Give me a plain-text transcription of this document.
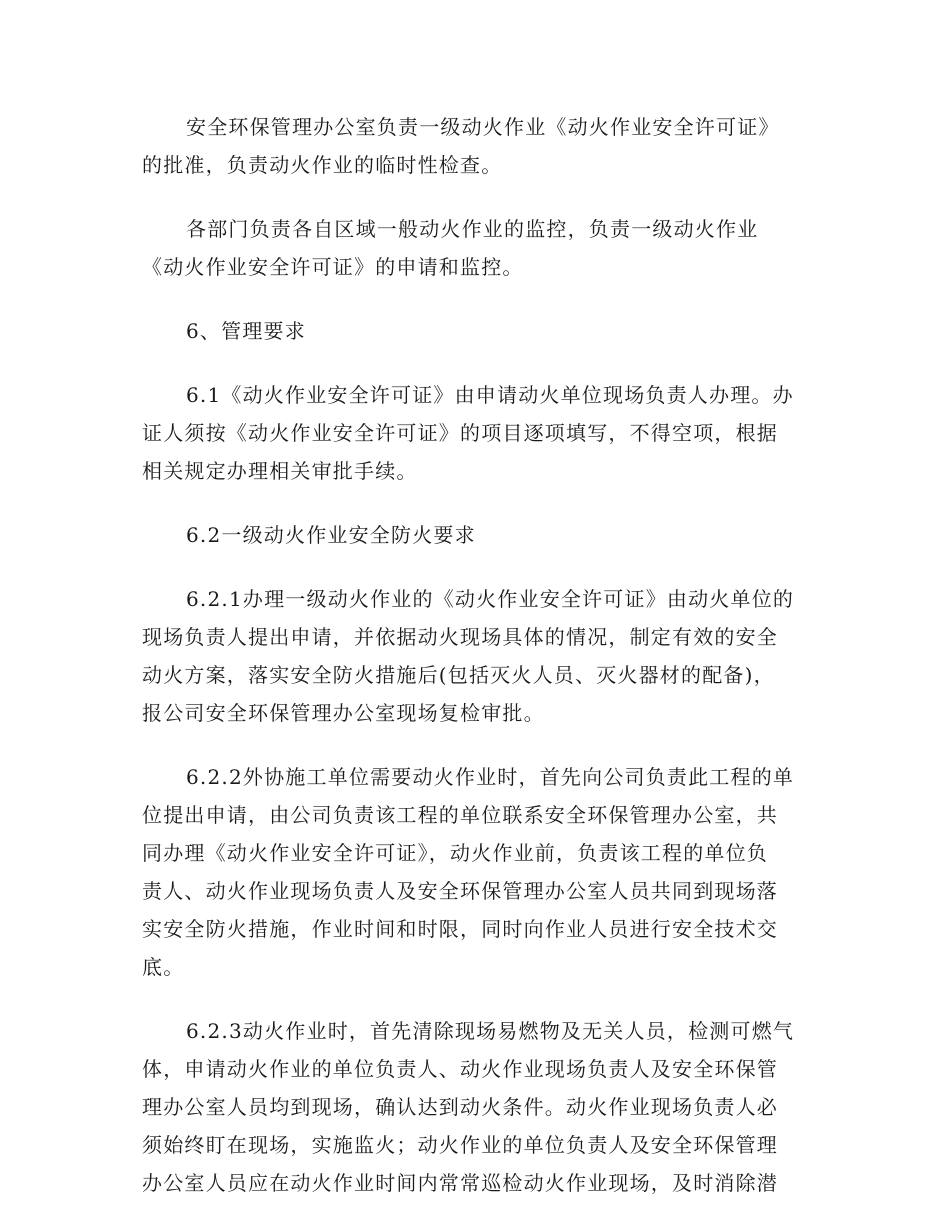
安全环保管理办公室负责一级动火作业《动火作业安全许可证》
的批准，负责动火作业的临时性检查。
各部门负责各自区域一般动火作业的监控，负责一级动火作业
《动火作业安全许可证》的申请和监控。
6、管理要求
6.1《动火作业安全许可证》由申请动火单位现场负责人办理。办
证人须按《动火作业安全许可证》的项目逐项填写，不得空项，根据
相关规定办理相关审批手续。
6.2一级动火作业安全防火要求
6.2.1办理一级动火作业的《动火作业安全许可证》由动火单位的
现场负责人提出申请，并依据动火现场具体的情况，制定有效的安全
动火方案，落实安全防火措施后(包括灭火人员、灭火器材的配备)，
报公司安全环保管理办公室现场复检审批。
6.2.2外协施工单位需要动火作业时，首先向公司负责此工程的单
位提出申请，由公司负责该工程的单位联系安全环保管理办公室，共
同办理《动火作业安全许可证》，动火作业前，负责该工程的单位负
责人、动火作业现场负责人及安全环保管理办公室人员共同到现场落
实安全防火措施，作业时间和时限，同时向作业人员进行安全技术交
底。
6.2.3动火作业时，首先清除现场易燃物及无关人员，检测可燃气
体，申请动火作业的单位负责人、动火作业现场负责人及安全环保管
理办公室人员均到现场，确认达到动火条件。动火作业现场负责人必
须始终盯在现场，实施监火；动火作业的单位负责人及安全环保管理
办公室人员应在动火作业时间内常常巡检动火作业现场，及时消除潜
